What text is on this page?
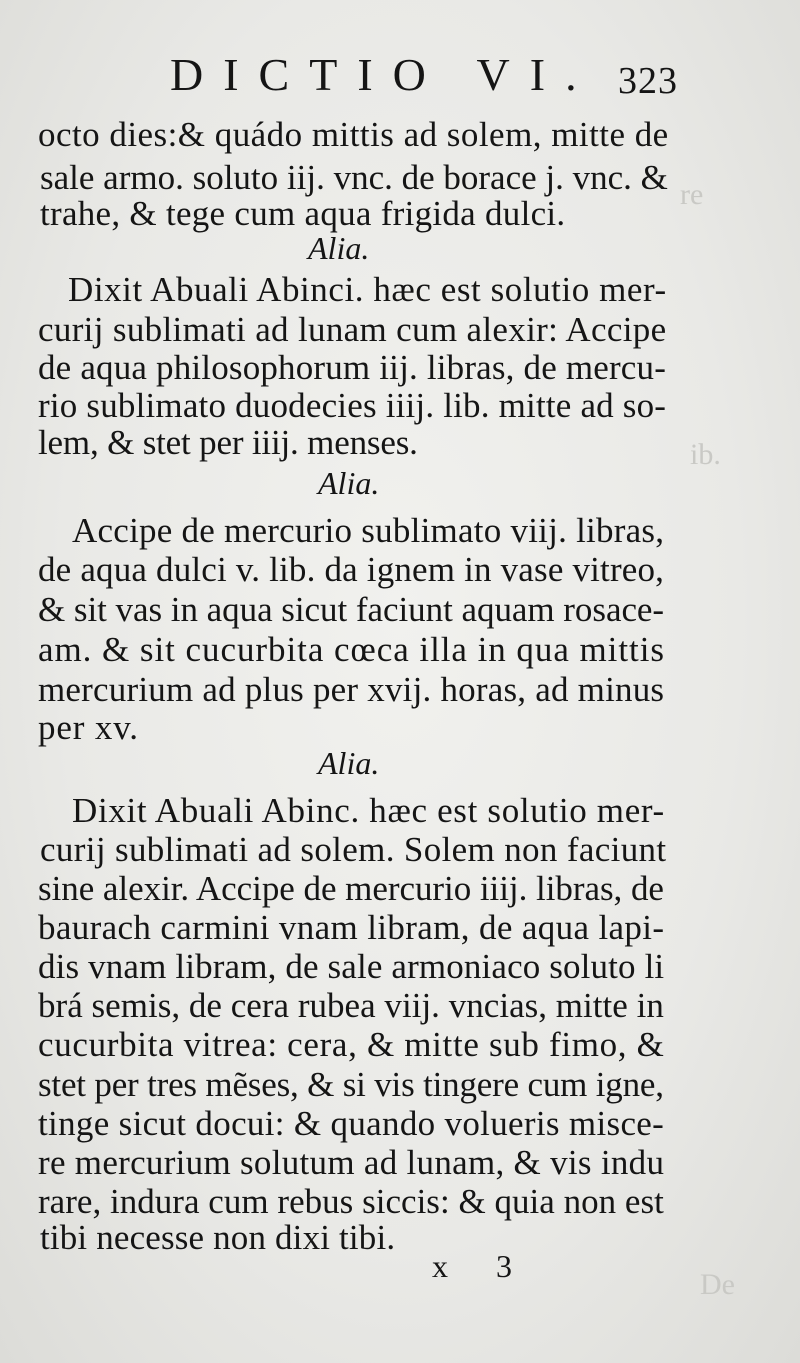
re
ib.
De
DICTIO VI. 323
octo dies:& quádo mittis ad solem, mitte de
sale armo. soluto iij. vnc. de borace j. vnc. &
trahe, & tege cum aqua frigida dulci.
Alia.
Dixit Abuali Abinci. hæc est solutio mer-
curij sublimati ad lunam cum alexir: Accipe
de aqua philosophorum iij. libras, de mercu-
rio sublimato duodecies iiij. lib. mitte ad so-
lem, & stet per iiij. menses.
Alia.
Accipe de mercurio sublimato viij. libras,
de aqua dulci v. lib. da ignem in vase vitreo,
& sit vas in aqua sicut faciunt aquam rosace-
am. & sit cucurbita cœca illa in qua mittis
mercurium ad plus per xvij. horas, ad minus
per xv.
Alia.
Dixit Abuali Abinc. hæc est solutio mer-
curij sublimati ad solem. Solem non faciunt
sine alexir. Accipe de mercurio iiij. libras, de
baurach carmini vnam libram, de aqua lapi-
dis vnam libram, de sale armoniaco soluto li
brá semis, de cera rubea viij. vncias, mitte in
cucurbita vitrea: cera, & mitte sub fimo, &
stet per tres mẽses, & si vis tingere cum igne,
tinge sicut docui: & quando volueris misce-
re mercurium solutum ad lunam, & vis indu
rare, indura cum rebus siccis: & quia non est
tibi necesse non dixi tibi.
x 3
